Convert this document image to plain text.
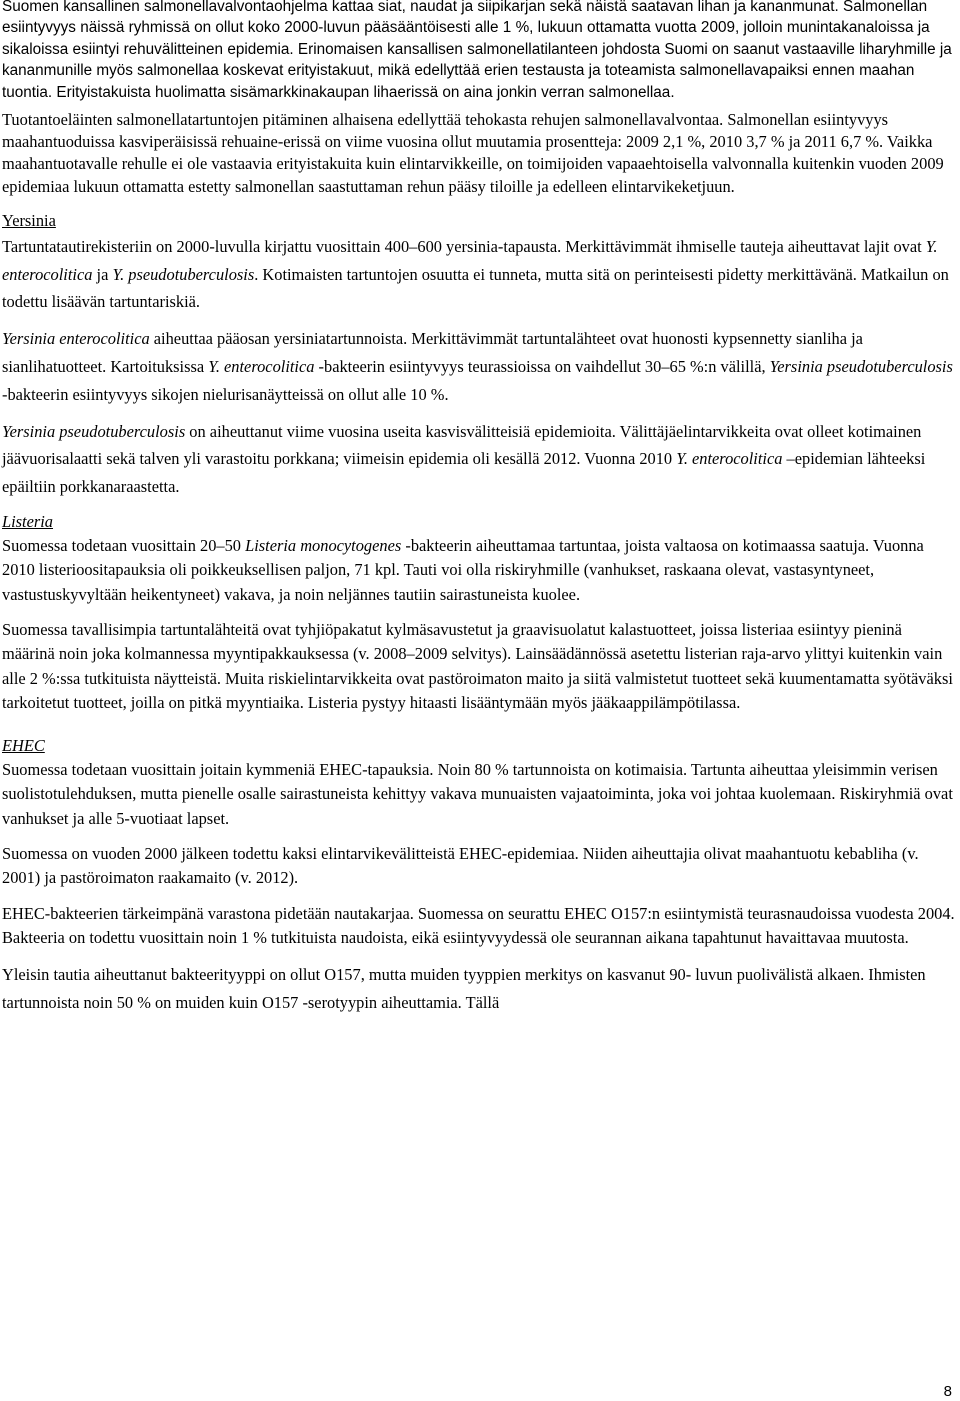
Suomen kansallinen salmonellavalvontaohjelma kattaa siat, naudat ja siipikarjan sekä näistä saatavan lihan ja kananmunat. Salmonellan esiintyvyys näissä ryhmissä on ollut koko 2000-luvun pääsääntöisesti alle 1 %, lukuun ottamatta vuotta 2009, jolloin munintakanaloissa ja sikaloissa esiintyi rehuvälitteinen epidemia. Erinomaisen kansallisen salmonellatilanteen johdosta Suomi on saanut vastaaville liharyhmille ja kananmunille myös salmonellaa koskevat erityistakuut, mikä edellyttää erien testausta ja toteamista salmonellavapaiksi ennen maahan tuontia. Erityistakuista huolimatta sisämarkkinakaupan lihaerissä on aina jonkin verran salmonellaa.

Tuotantoeläinten salmonellatartuntojen pitäminen alhaisena edellyttää tehokasta rehujen salmonellavalvontaa. Salmonellan esiintyvyys maahantuoduissa kasviperäisissä rehuaine-erissä on viime vuosina ollut muutamia prosentteja: 2009 2,1 %, 2010 3,7 % ja 2011 6,7 %. Vaikka maahantuotavalle rehulle ei ole vastaavia erityistakuita kuin elintarvikkeille, on toimijoiden vapaaehtoisella valvonnalla kuitenkin vuoden 2009 epidemiaa lukuun ottamatta estetty salmonellan saastuttaman rehun pääsy tiloille ja edelleen elintarvikeketjuun.

Yersinia

Tartuntatautirekisteriin on 2000-luvulla kirjattu vuosittain 400–600 yersinia-tapausta. Merkittävimmät ihmiselle tauteja aiheuttavat lajit ovat Y. enterocolitica ja Y. pseudotuberculosis. Kotimaisten tartuntojen osuutta ei tunneta, mutta sitä on perinteisesti pidetty merkittävänä. Matkailun on todettu lisäävän tartuntariskiä.

Yersinia enterocolitica aiheuttaa pääosan yersiniatartunnoista. Merkittävimmät tartuntalähteet ovat huonosti kypsennetty sianliha ja sianlihatuotteet. Kartoituksissa Y. enterocolitica -bakteerin esiintyvyys teurassioissa on vaihdellut 30–65 %:n välillä, Yersinia pseudotuberculosis -bakteerin esiintyvyys sikojen nielurisanäytteissä on ollut alle 10 %.

Yersinia pseudotuberculosis on aiheuttanut viime vuosina useita kasvisvälitteisiä epidemioita. Välittäjäelintarvikkeita ovat olleet kotimainen jäävuorisalaatti sekä talven yli varastoitu porkkana; viimeisin epidemia oli kesällä 2012. Vuonna 2010 Y. enterocolitica –epidemian lähteeksi epäiltiin porkkanaraastetta.

Listeria

Suomessa todetaan vuosittain 20–50 Listeria monocytogenes -bakteerin aiheuttamaa tartuntaa, joista valtaosa on kotimaassa saatuja. Vuonna 2010 listerioositapauksia oli poikkeuksellisen paljon, 71 kpl. Tauti voi olla riskiryhmille (vanhukset, raskaana olevat, vastasyntyneet, vastustuskyvyltään heikentyneet) vakava, ja noin neljännes tautiin sairastuneista kuolee.

Suomessa tavallisimpia tartuntalähteitä ovat tyhjiöpakatut kylmäsavustetut ja graavisuolatut kalastuotteet, joissa listeriaa esiintyy pieninä määrinä noin joka kolmannessa myyntipakkauksessa (v. 2008–2009 selvitys). Lainsäädännössä asetettu listerian raja-arvo ylittyi kuitenkin vain alle 2 %:ssa tutkituista näytteistä. Muita riskielintarvikkeita ovat pastöroimaton maito ja siitä valmistetut tuotteet sekä kuumentamatta syötäväksi tarkoitetut tuotteet, joilla on pitkä myyntiaika. Listeria pystyy hitaasti lisääntymään myös jääkaappilämpötilassa.

EHEC

Suomessa todetaan vuosittain joitain kymmeniä EHEC-tapauksia. Noin 80 % tartunnoista on kotimaisia. Tartunta aiheuttaa yleisimmin verisen suolistotulehduksen, mutta pienelle osalle sairastuneista kehittyy vakava munuaisten vajaatoiminta, joka voi johtaa kuolemaan. Riskiryhmiä ovat vanhukset ja alle 5-vuotiaat lapset.

Suomessa on vuoden 2000 jälkeen todettu kaksi elintarvikevälitteistä EHEC-epidemiaa. Niiden aiheuttajia olivat maahantuotu kebabliha (v. 2001) ja pastöroimaton raakamaito (v. 2012).

EHEC-bakteerien tärkeimpänä varastona pidetään nautakarjaa. Suomessa on seurattu EHEC O157:n esiintymistä teurasnaudoissa vuodesta 2004. Bakteeria on todettu vuosittain noin 1 % tutkituista naudoista, eikä esiintyvyydessä ole seurannan aikana tapahtunut havaittavaa muutosta.

Yleisin tautia aiheuttanut bakteerityyppi on ollut O157, mutta muiden tyyppien merkitys on kasvanut 90- luvun puolivälistä alkaen. Ihmisten tartunnoista noin 50 % on muiden kuin O157 -serotyypin aiheuttamia. Tällä

8
